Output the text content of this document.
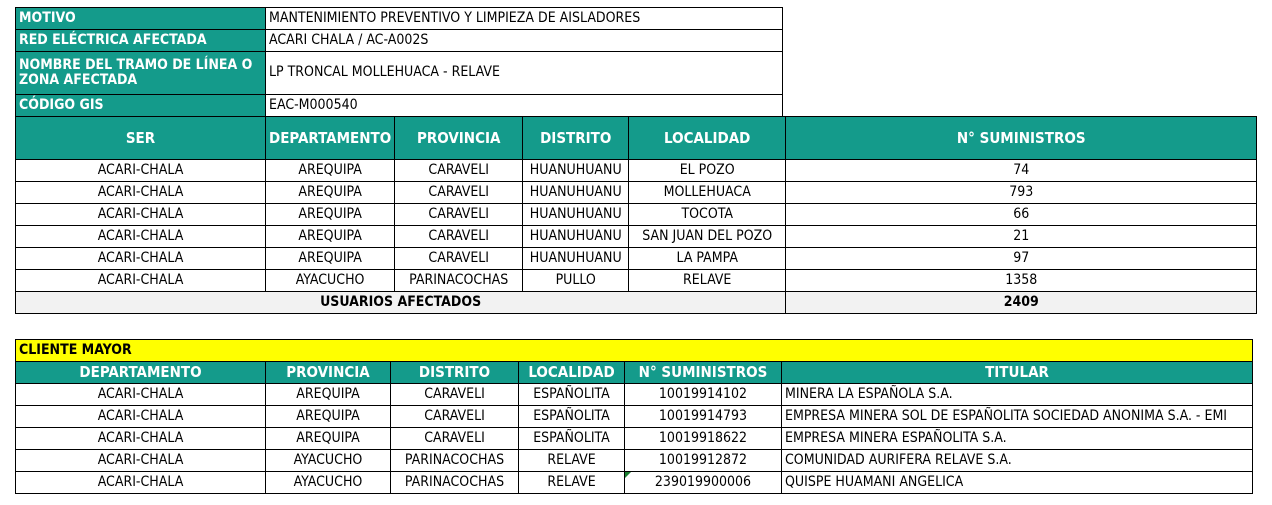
MOTIVO	MANTENIMIENTO PREVENTIVO Y LIMPIEZA DE AISLADORES
RED ELÉCTRICA AFECTADA	ACARI CHALA / AC-A002S
NOMBRE DEL TRAMO DE LÍNEA O ZONA AFECTADA	LP TRONCAL MOLLEHUACA - RELAVE
CÓDIGO GIS	EAC-M000540
SER	DEPARTAMENTO	PROVINCIA	DISTRITO	LOCALIDAD	N° SUMINISTROS
ACARI-CHALA	AREQUIPA	CARAVELI	HUANUHUANU	EL POZO	74
ACARI-CHALA	AREQUIPA	CARAVELI	HUANUHUANU	MOLLEHUACA	793
ACARI-CHALA	AREQUIPA	CARAVELI	HUANUHUANU	TOCOTA	66
ACARI-CHALA	AREQUIPA	CARAVELI	HUANUHUANU	SAN JUAN DEL POZO	21
ACARI-CHALA	AREQUIPA	CARAVELI	HUANUHUANU	LA PAMPA	97
ACARI-CHALA	AYACUCHO	PARINACOCHAS	PULLO	RELAVE	1358
USUARIOS AFECTADOS					2409
CLIENTE MAYOR					
DEPARTAMENTO	PROVINCIA	DISTRITO	LOCALIDAD	N° SUMINISTROS	TITULAR
ACARI-CHALA	AREQUIPA	CARAVELI	ESPAÑOLITA	10019914102	MINERA LA ESPAÑOLA S.A.
ACARI-CHALA	AREQUIPA	CARAVELI	ESPAÑOLITA	10019914793	EMPRESA MINERA SOL DE ESPAÑOLITA SOCIEDAD ANONIMA S.A. - EMI
ACARI-CHALA	AREQUIPA	CARAVELI	ESPAÑOLITA	10019918622	EMPRESA MINERA ESPAÑOLITA S.A.
ACARI-CHALA	AYACUCHO	PARINACOCHAS	RELAVE	10019912872	COMUNIDAD AURIFERA RELAVE S.A.
ACARI-CHALA	AYACUCHO	PARINACOCHAS	RELAVE	239019900006	QUISPE HUAMANI ANGELICA
